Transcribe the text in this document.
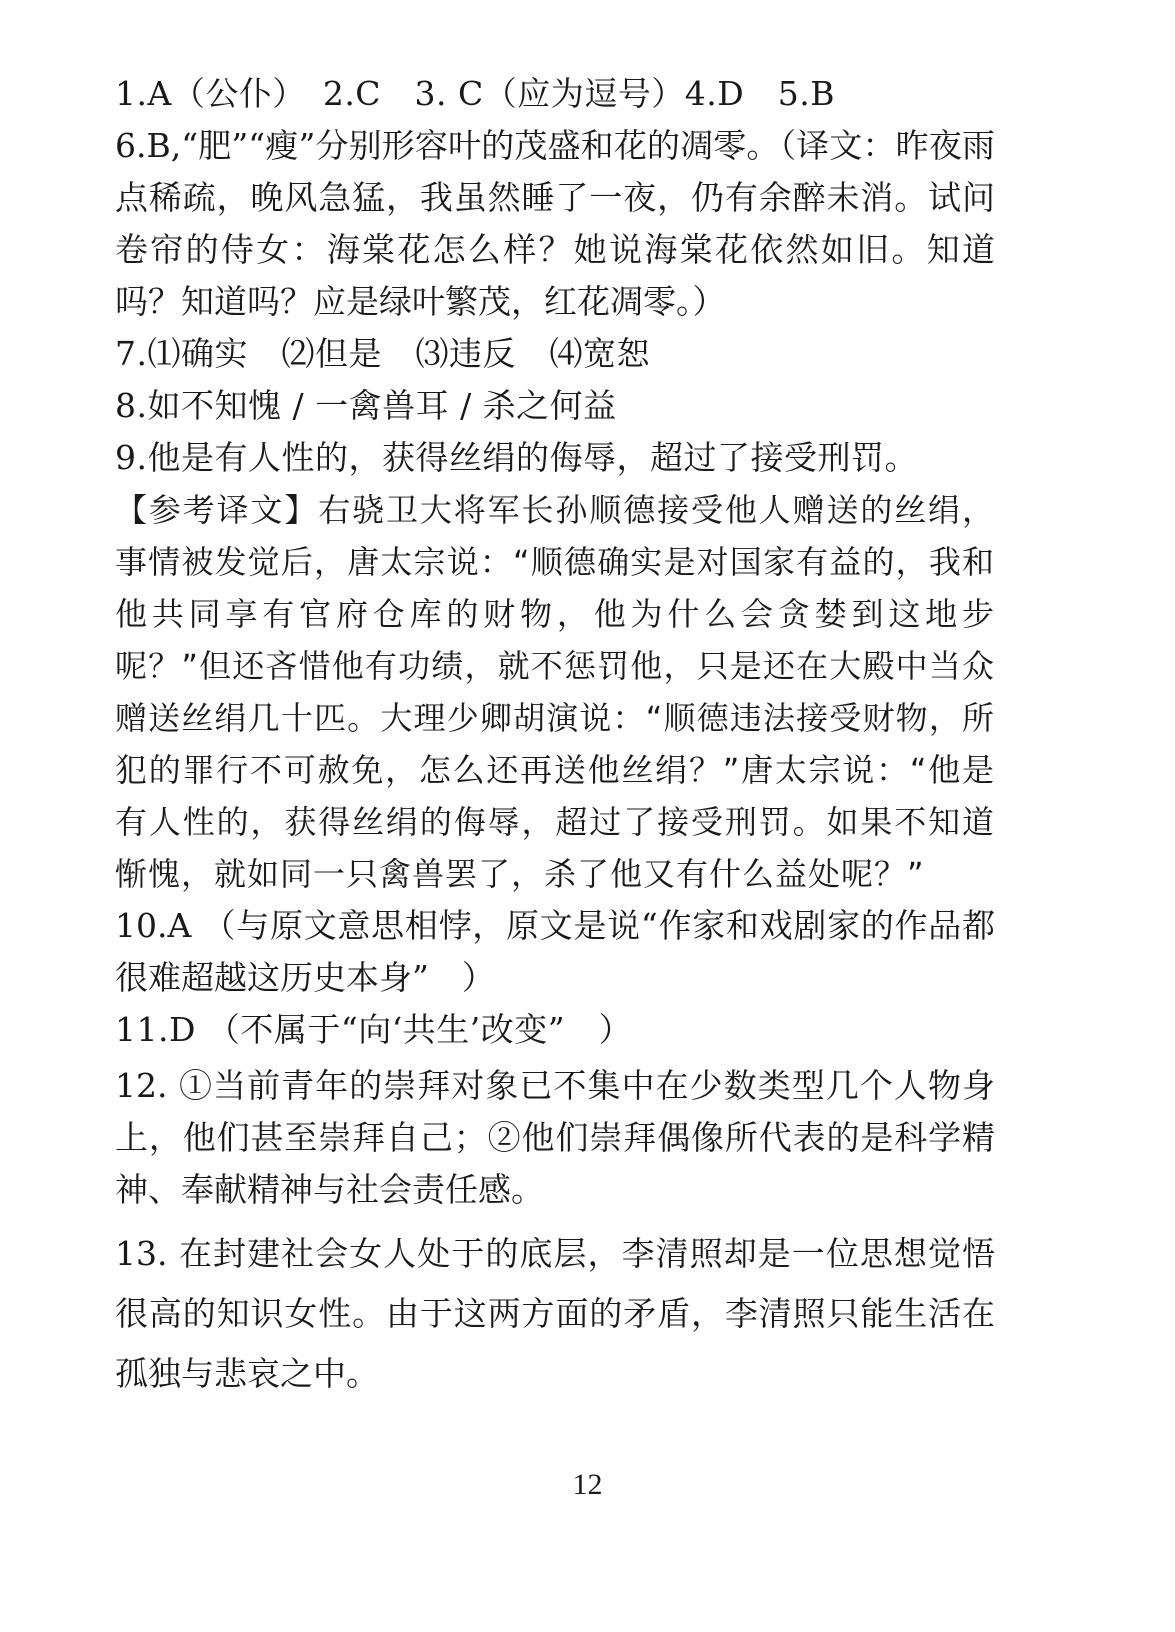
1.A（公仆）　2.C　3. C（应为逗号）4.D　5.B

6.B,“肥”“瘦”分别形容叶的茂盛和花的凋零。（译文：昨夜雨点稀疏，晚风急猛，我虽然睡了一夜，仍有余醉未消。试问卷帘的侍女：海棠花怎么样？她说海棠花依然如旧。知道吗？知道吗？应是绿叶繁茂，红花凋零。）

7.⑴确实　⑵但是　⑶违反　⑷宽恕
8.如不知愧 / 一禽兽耳 / 杀之何益
9.他是有人性的，获得丝绢的侮辱，超过了接受刑罚。

【参考译文】右骁卫大将军长孙顺德接受他人赠送的丝绢，事情被发觉后，唐太宗说：“顺德确实是对国家有益的，我和他共同享有官府仓库的财物，他为什么会贪婪到这地步呢？”但还吝惜他有功绩，就不惩罚他，只是还在大殿中当众赠送丝绢几十匹。大理少卿胡演说：“顺德违法接受财物，所犯的罪行不可赦免，怎么还再送他丝绢？”唐太宗说：“他是有人性的，获得丝绢的侮辱，超过了接受刑罚。如果不知道惭愧，就如同一只禽兽罢了，杀了他又有什么益处呢？”

10.A （与原文意思相悖，原文是说“作家和戏剧家的作品都很难超越这历史本身”　）

11.D （不属于“向‘共生’改变”　）

12. ①当前青年的崇拜对象已不集中在少数类型几个人物身上，他们甚至崇拜自己；②他们崇拜偶像所代表的是科学精神、奉献精神与社会责任感。

13. 在封建社会女人处于的底层，李清照却是一位思想觉悟很高的知识女性。由于这两方面的矛盾，李清照只能生活在孤独与悲哀之中。

12
